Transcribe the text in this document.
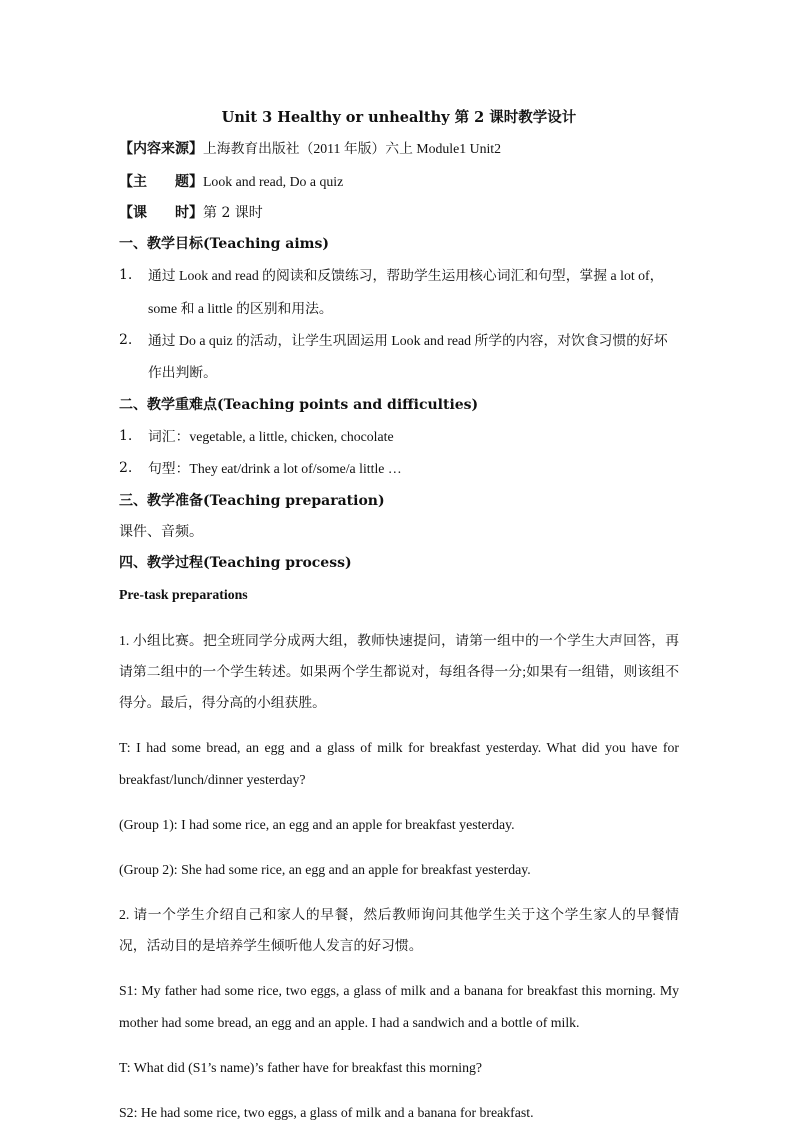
Unit 3 Healthy or unhealthy 第 2 课时教学设计

【内容来源】上海教育出版社（2011 年版）六上 Module1 Unit2

【主　　题】Look and read, Do a quiz

【课　　时】第 2 课时

一、教学目标(Teaching aims)

1. 通过 Look and read 的阅读和反馈练习，帮助学生运用核心词汇和句型，掌握 a lot of，some 和 a little 的区别和用法。
2. 通过 Do a quiz 的活动，让学生巩固运用 Look and read 所学的内容，对饮食习惯的好坏作出判断。

二、教学重难点(Teaching points and difficulties)

1. 词汇：vegetable, a little, chicken, chocolate
2. 句型：They eat/drink a lot of/some/a little …

三、教学准备(Teaching preparation)

课件、音频。

四、教学过程(Teaching process)

Pre-task preparations

1. 小组比赛。把全班同学分成两大组，教师快速提问，请第一组中的一个学生大声回答，再请第二组中的一个学生转述。如果两个学生都说对，每组各得一分;如果有一组错，则该组不得分。最后，得分高的小组获胜。

T: I had some bread, an egg and a glass of milk for breakfast yesterday. What did you have for breakfast/lunch/dinner yesterday?

(Group 1): I had some rice, an egg and an apple for breakfast yesterday.

(Group 2): She had some rice, an egg and an apple for breakfast yesterday.

2. 请一个学生介绍自己和家人的早餐，然后教师询问其他学生关于这个学生家人的早餐情况，活动目的是培养学生倾听他人发言的好习惯。

S1: My father had some rice, two eggs, a glass of milk and a banana for breakfast this morning. My mother had some bread, an egg and an apple. I had a sandwich and a bottle of milk.

T: What did (S1’s name)’s father have for breakfast this morning?

S2: He had some rice, two eggs, a glass of milk and a banana for breakfast.
